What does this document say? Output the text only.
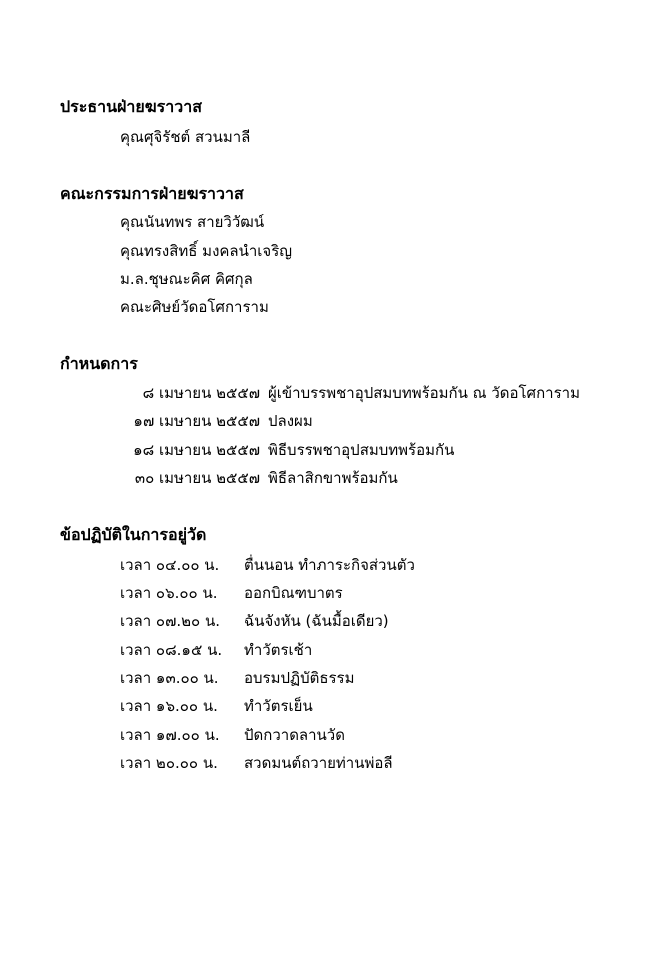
ประธานฝ่ายฆราวาส
คุณศุจิรัชต์ สวนมาลี
คณะกรรมการฝ่ายฆราวาส
คุณนันทพร สายวิวัฒน์
คุณทรงสิทธิ์ มงคลนำเจริญ
ม.ล.ชุษณะคิศ คิศกุล
คณะศิษย์วัดอโศการาม
กำหนดการ
๘ เมษายน ๒๕๕๗ ผู้เข้าบรรพชาอุปสมบทพร้อมกัน ณ วัดอโศการาม
๑๗ เมษายน ๒๕๕๗ ปลงผม
๑๘ เมษายน ๒๕๕๗ พิธีบรรพชาอุปสมบทพร้อมกัน
๓๐ เมษายน ๒๕๕๗ พิธีลาสิกขาพร้อมกัน
ข้อปฏิบัติในการอยู่วัด
เวลา ๐๔.๐๐ น. ตื่นนอน ทำภาระกิจส่วนตัว
เวลา ๐๖.๐๐ น. ออกบิณฑบาตร
เวลา ๐๗.๒๐ น. ฉันจังหัน (ฉันมื้อเดียว)
เวลา ๐๘.๑๕ น. ทำวัตรเช้า
เวลา ๑๓.๐๐ น. อบรมปฏิบัติธรรม
เวลา ๑๖.๐๐ น. ทำวัตรเย็น
เวลา ๑๗.๐๐ น. ปัดกวาดลานวัด
เวลา ๒๐.๐๐ น. สวดมนต์ถวายท่านพ่อลี
